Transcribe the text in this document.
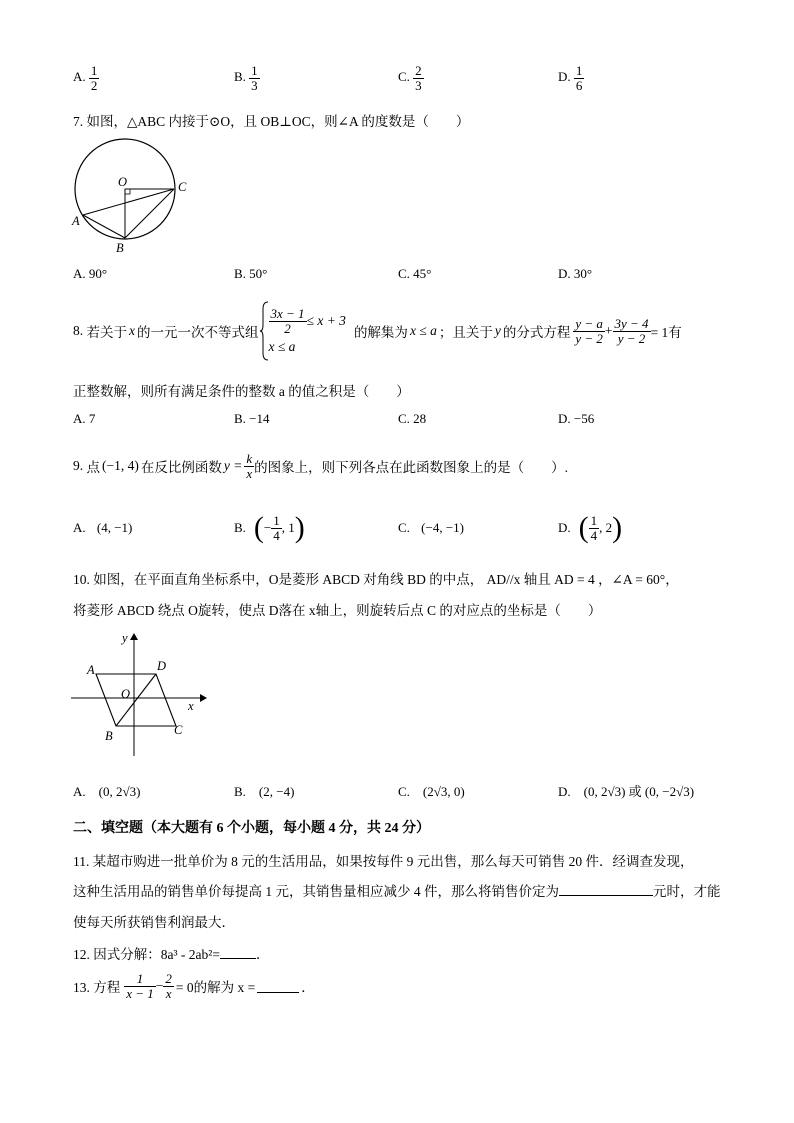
A. $\frac{1}{2}$	B. $\frac{1}{3}$	C. $\frac{2}{3}$	D. $\frac{1}{6}$
7. 如图，△ABC 内接于⊙O，且 OB⊥OC，则∠A 的度数是（　　）
O	C
A
B
A. 90°	B. 50°	C. 45°	D. 30°
8.
若关于 x 的一元一次不等式组 $\frac{3x - 1}{2} \le x + 3$
x ≤ a
的解集为 x ≤ a ；且关于 y 的分式方程 $\frac{y - a}{y - 2} + \frac{3y - 4}{y - 2} = 1$有
正整数解，则所有满足条件的整数 a 的值之积是（　　）
A. 7	B. −14	C. 28	D. −56
9.
点 (−1, 4) 在反比例函数 $y = \frac{k}{x}$ 的图象上，则下列各点在此函数图象上的是（　　）.
A. (4, −1)	B. ( − $\frac{1}{4}$ , 1 )	C. (−4, −1)	D. ( $\frac{1}{4}$ , 2 )
10. 如图，在平面直角坐标系中，O是菱形 ABCD 对角线 BD 的中点， AD//x 轴且 AD = 4 ，∠A = 60°，
将菱形 ABCD 绕点 O旋转，使点 D落在 x轴上，则旋转后点 C 的对应点的坐标是（　　）
y
x
A	D
O
B	C
A.　(0, 2√3)	B.　(2, −4)	C.　(2√3, 0)	D.　(0, 2√3) 或 (0, −2√3)
二、填空题（本大题有 6 个小题，每小题 4 分，共 24 分）
11. 某超市购进一批单价为 8 元的生活用品，如果按每件 9 元出售，那么每天可销售 20 件．经调查发现，
这种生活用品的销售单价每提高 1 元，其销售量相应减少 4 件，那么将销售价定为	元时，才能
使每天所获销售利润最大．
12. 因式分解：8a³ - 2ab²=	．
13. 方程 $\frac{1}{x - 1} - \frac{2}{x} = 0$的解为 x =	．
